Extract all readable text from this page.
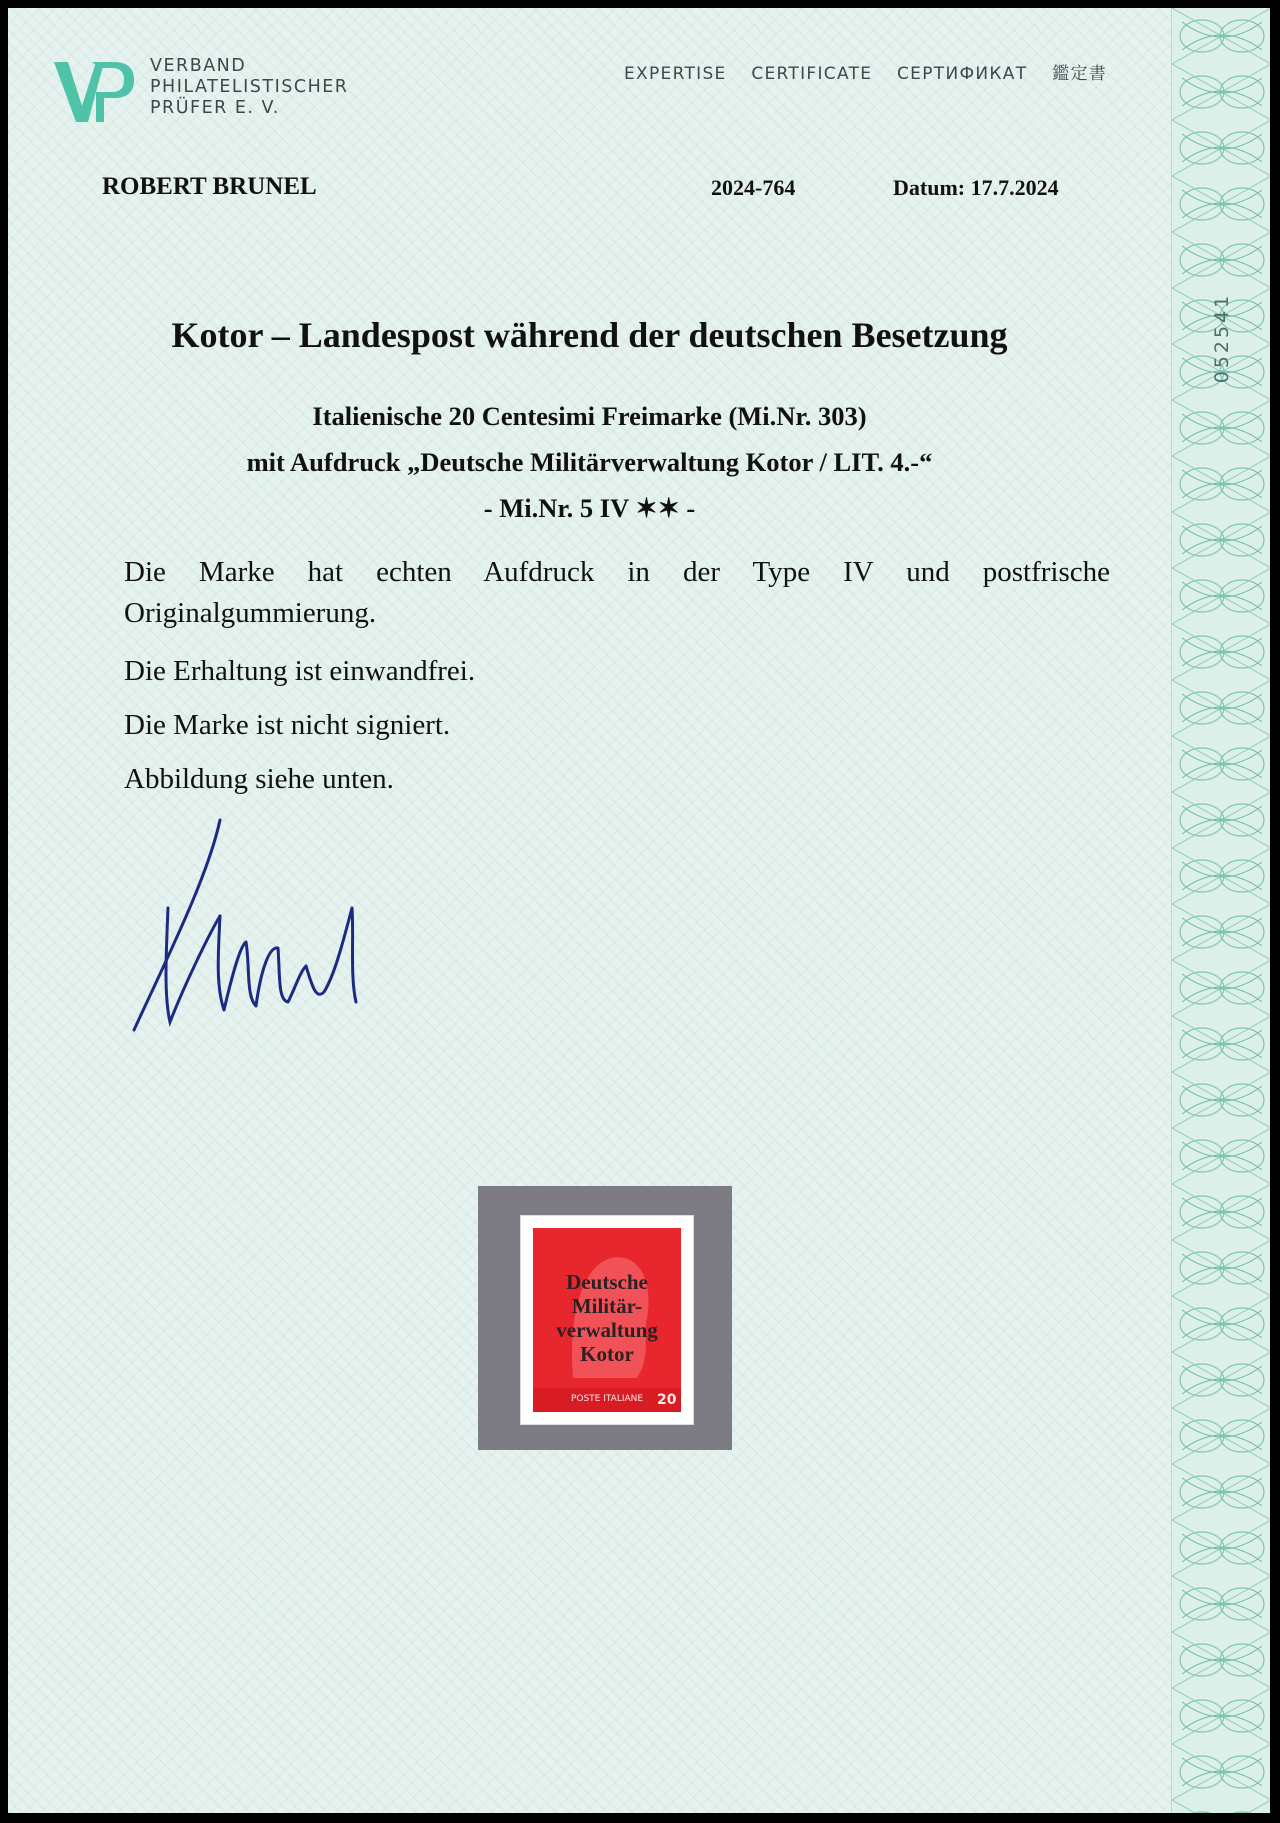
052541
VERBAND
PHILATELISTISCHER
PRÜFER E. V.
EXPERTISE CERTIFICATE СЕРТИФИКАТ 鑑定書
ROBERT BRUNEL	2024-764	Datum: 17.7.2024
Kotor – Landespost während der deutschen Besetzung
Italienische 20 Centesimi Freimarke (Mi.Nr. 303)
mit Aufdruck „Deutsche Militärverwaltung Kotor / LIT. 4.-“
- Mi.Nr. 5 IV ✶✶ -
Die Marke hat echten Aufdruck in der Type IV und postfrische Originalgummierung.
Die Erhaltung ist einwandfrei.
Die Marke ist nicht signiert.
Abbildung siehe unten.
Deutsche
Militär-
verwaltung
Kotor
POSTE ITALIANE 20
